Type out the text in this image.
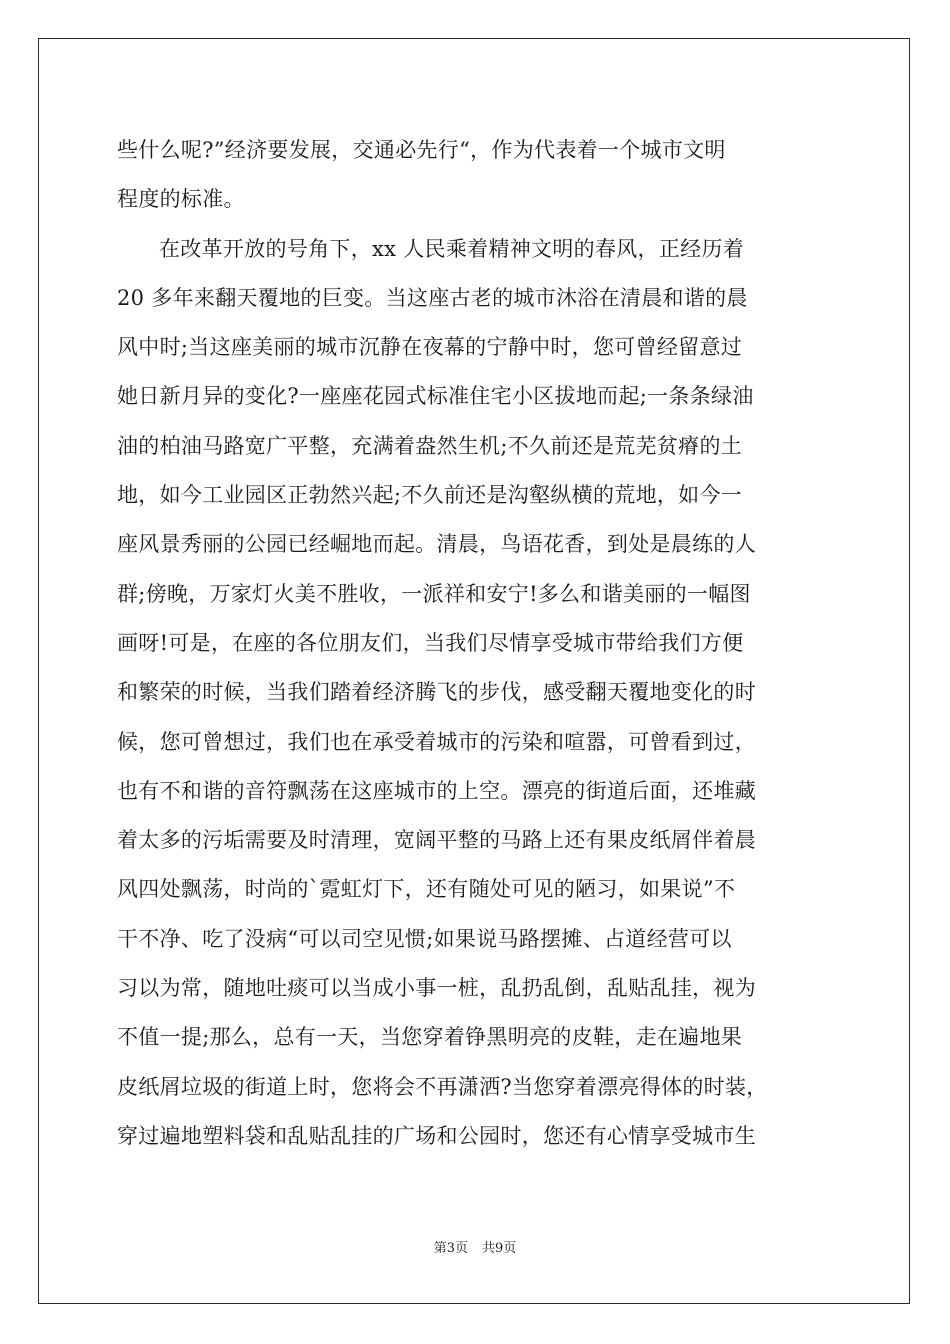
些什么呢?”经济要发展，交通必先行“，作为代表着一个城市文明
程度的标准。
在改革开放的号角下，xx 人民乘着精神文明的春风，正经历着
20 多年来翻天覆地的巨变。当这座古老的城市沐浴在清晨和谐的晨
风中时;当这座美丽的城市沉静在夜幕的宁静中时，您可曾经留意过
她日新月异的变化?一座座花园式标准住宅小区拔地而起;一条条绿油
油的柏油马路宽广平整，充满着盎然生机;不久前还是荒芜贫瘠的土
地，如今工业园区正勃然兴起;不久前还是沟壑纵横的荒地，如今一
座风景秀丽的公园已经崛地而起。清晨，鸟语花香，到处是晨练的人
群;傍晚，万家灯火美不胜收，一派祥和安宁!多么和谐美丽的一幅图
画呀!可是，在座的各位朋友们，当我们尽情享受城市带给我们方便
和繁荣的时候，当我们踏着经济腾飞的步伐，感受翻天覆地变化的时
候，您可曾想过，我们也在承受着城市的污染和喧嚣，可曾看到过，
也有不和谐的音符飘荡在这座城市的上空。漂亮的街道后面，还堆藏
着太多的污垢需要及时清理，宽阔平整的马路上还有果皮纸屑伴着晨
风四处飘荡，时尚的`霓虹灯下，还有随处可见的陋习，如果说”不
干不净、吃了没病“可以司空见惯;如果说马路摆摊、占道经营可以
习以为常，随地吐痰可以当成小事一桩，乱扔乱倒，乱贴乱挂，视为
不值一提;那么，总有一天，当您穿着铮黑明亮的皮鞋，走在遍地果
皮纸屑垃圾的街道上时，您将会不再潇洒?当您穿着漂亮得体的时装，
穿过遍地塑料袋和乱贴乱挂的广场和公园时，您还有心情享受城市生
第3页 共9页
